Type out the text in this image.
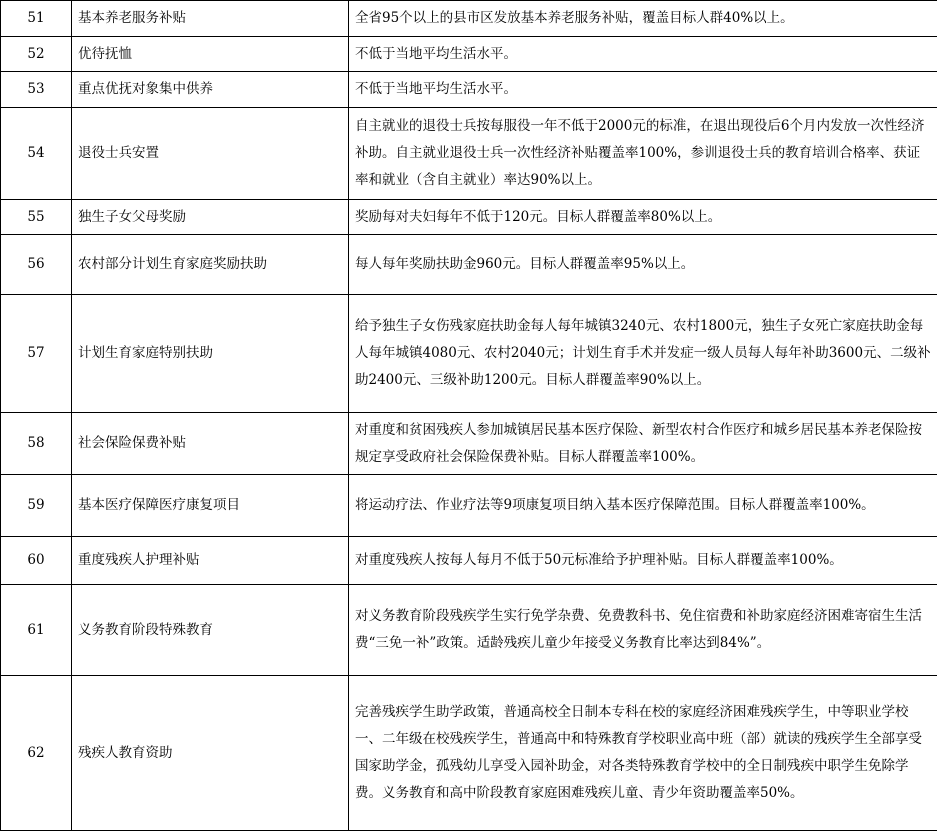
51	基本养老服务补贴	全省95个以上的县市区发放基本养老服务补贴，覆盖目标人群40%以上。
52	优待抚恤	不低于当地平均生活水平。
53	重点优抚对象集中供养	不低于当地平均生活水平。
54	退役士兵安置	自主就业的退役士兵按每服役一年不低于2000元的标准，在退出现役后6个月内发放一次性经济补助。自主就业退役士兵一次性经济补贴覆盖率100%，参训退役士兵的教育培训合格率、获证率和就业（含自主就业）率达90%以上。
55	独生子女父母奖励	奖励每对夫妇每年不低于120元。目标人群覆盖率80%以上。
56	农村部分计划生育家庭奖励扶助	每人每年奖励扶助金960元。目标人群覆盖率95%以上。
57	计划生育家庭特别扶助	给予独生子女伤残家庭扶助金每人每年城镇3240元、农村1800元，独生子女死亡家庭扶助金每人每年城镇4080元、农村2040元；计划生育手术并发症一级人员每人每年补助3600元、二级补助2400元、三级补助1200元。目标人群覆盖率90%以上。
58	社会保险保费补贴	对重度和贫困残疾人参加城镇居民基本医疗保险、新型农村合作医疗和城乡居民基本养老保险按规定享受政府社会保险保费补贴。目标人群覆盖率100%。
59	基本医疗保障医疗康复项目	将运动疗法、作业疗法等9项康复项目纳入基本医疗保障范围。目标人群覆盖率100%。
60	重度残疾人护理补贴	对重度残疾人按每人每月不低于50元标准给予护理补贴。目标人群覆盖率100%。
61	义务教育阶段特殊教育	对义务教育阶段残疾学生实行免学杂费、免费教科书、免住宿费和补助家庭经济困难寄宿生生活费“三免一补”政策。适龄残疾儿童少年接受义务教育比率达到84%”。
62	残疾人教育资助	完善残疾学生助学政策，普通高校全日制本专科在校的家庭经济困难残疾学生，中等职业学校一、二年级在校残疾学生，普通高中和特殊教育学校职业高中班（部）就读的残疾学生全部享受国家助学金，孤残幼儿享受入园补助金，对各类特殊教育学校中的全日制残疾中职学生免除学费。义务教育和高中阶段教育家庭困难残疾儿童、青少年资助覆盖率50%。
